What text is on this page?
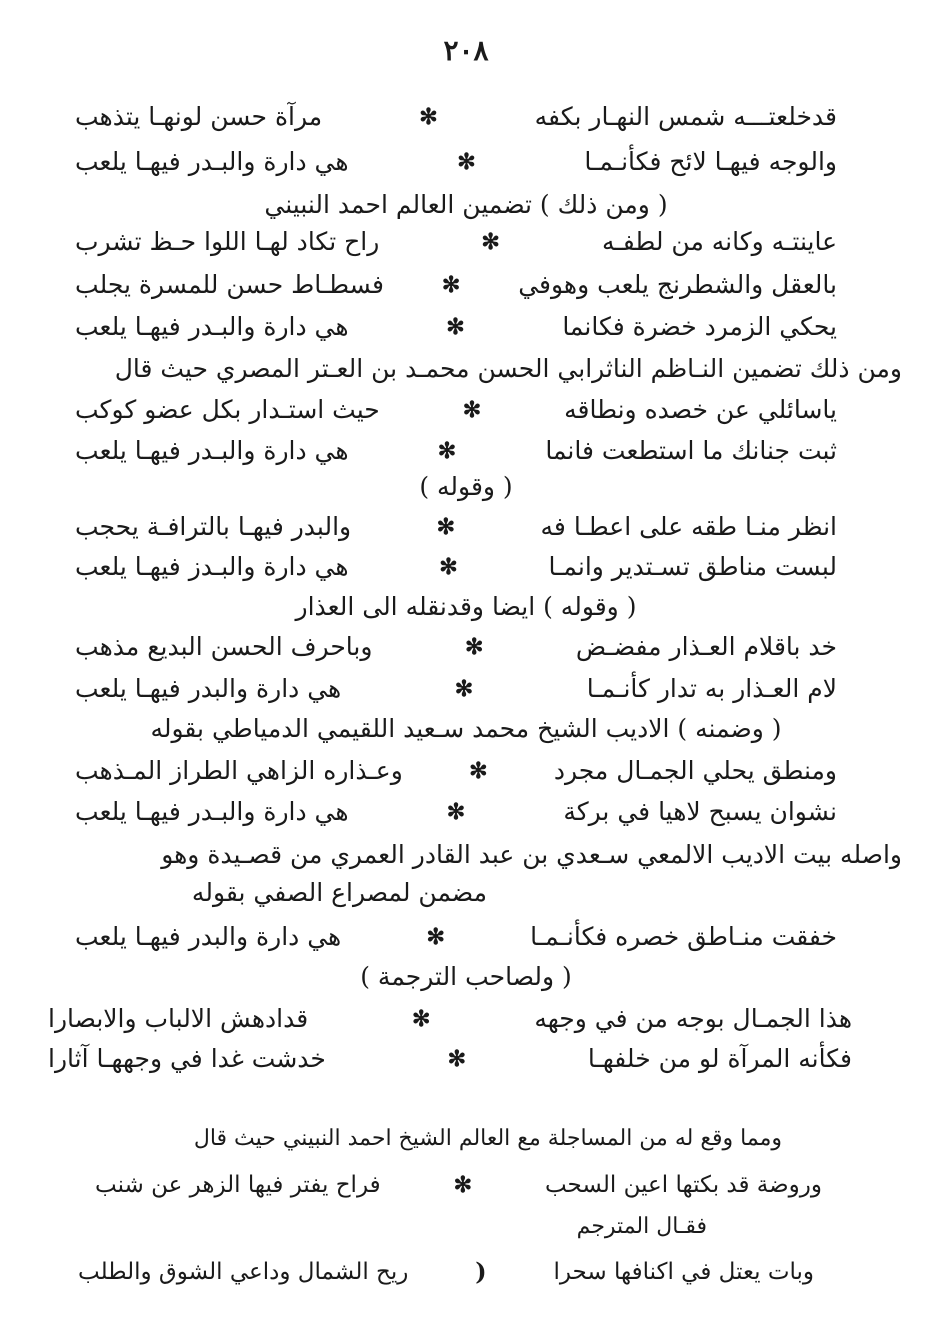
٢٠٨
قدخلعتـــه شمس النهـار بكفه
✻
مرآة حسن لونهـا يتذهب
والوجه فيهـا لائح فكأنـمـا
✻
هي دارة والبـدر فيهـا يلعب
( ومن ذلك ) تضمين العالم احمد النبيني
عاينتـه وكانه من لطفـه
✻
راح تكاد لهـا اللوا حـظ تشرب
بالعقل والشطرنج يلعب وهوفي
✻
فسطـاط حسن للمسرة يجلب
يحكي الزمرد خضرة فكانما
✻
هي دارة والبـدر فيهـا يلعب
ومن ذلك تضمين النـاظم الناثرابي الحسن محمـد بن العـتر المصري حيث قال
ياسائلي عن خصده ونطاقه
✻
حيث استـدار بكل عضو كوكب
ثبت جنانك ما استطعت فانما
✻
هي دارة والبـدر فيهـا يلعب
( وقوله )
انظر منـا طقه على اعطـا فه
✻
والبدر فيهـا بالترافـة يحجب
لبست مناطق تسـتدير وانمـا
✻
هي دارة والبـدز فيهـا يلعب
( وقوله ) ايضا وقدنقله الى العذار
خد باقلام العـذار مفضـض
✻
وباحرف الحسن البديع مذهب
لام العـذار به تدار كأنـمـا
✻
هي دارة والبدر فيهـا يلعب
( وضمنه ) الاديب الشيخ محمد سـعيد اللقيمي الدمياطي بقوله
ومنطق يحلي الجمـال مجرد
✻
وعـذاره الزاهي الطراز المـذهب
نشوان يسبح لاهيا في بركة
✻
هي دارة والبـدر فيهـا يلعب
واصله بيت الاديب الالمعي سـعدي بن عبد القادر العمري من قصـيدة وهو
مضمن لمصراع الصفي بقوله
خفقت منـاطق خصره فكأنـمـا
✻
هي دارة والبدر فيهـا يلعب
( ولصاحب الترجمة )
هذا الجمـال بوجه من في وجهه
✻
قدادهش الالباب والابصارا
فكأنه المرآة لو من خلفهـا
✻
خدشت غدا في وجههـا آثارا
ومما وقع له من المساجلة مع العالم الشيخ احمد النبيني حيث قال
وروضة قد بكتها اعين السحب
✻
فراح يفتر فيها الزهر عن شنب
فقـال المترجم
وبات يعتل في اكنافها سحرا
(
ريح الشمال وداعي الشوق والطلب
